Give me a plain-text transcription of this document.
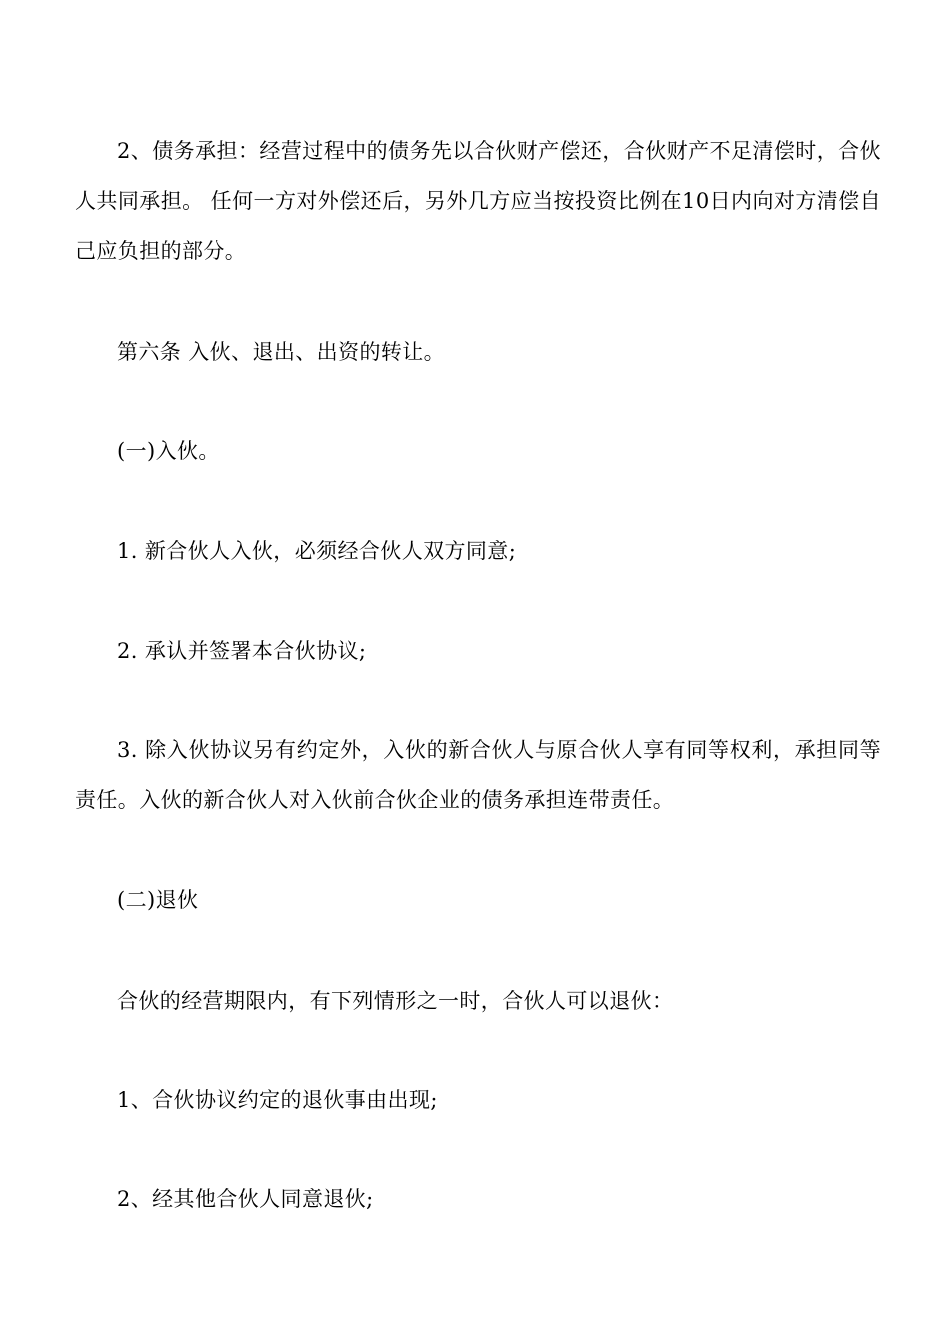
2、债务承担：经营过程中的债务先以合伙财产偿还，合伙财产不足清偿时，合伙人共同承担。 任何一方对外偿还后，另外几方应当按投资比例在10日内向对方清偿自己应负担的部分。

第六条 入伙、退出、出资的转让。

(一)入伙。

1. 新合伙人入伙，必须经合伙人双方同意;

2. 承认并签署本合伙协议;

3. 除入伙协议另有约定外，入伙的新合伙人与原合伙人享有同等权利，承担同等责任。入伙的新合伙人对入伙前合伙企业的债务承担连带责任。

(二)退伙

合伙的经营期限内，有下列情形之一时，合伙人可以退伙：

1、合伙协议约定的退伙事由出现;

2、经其他合伙人同意退伙;
